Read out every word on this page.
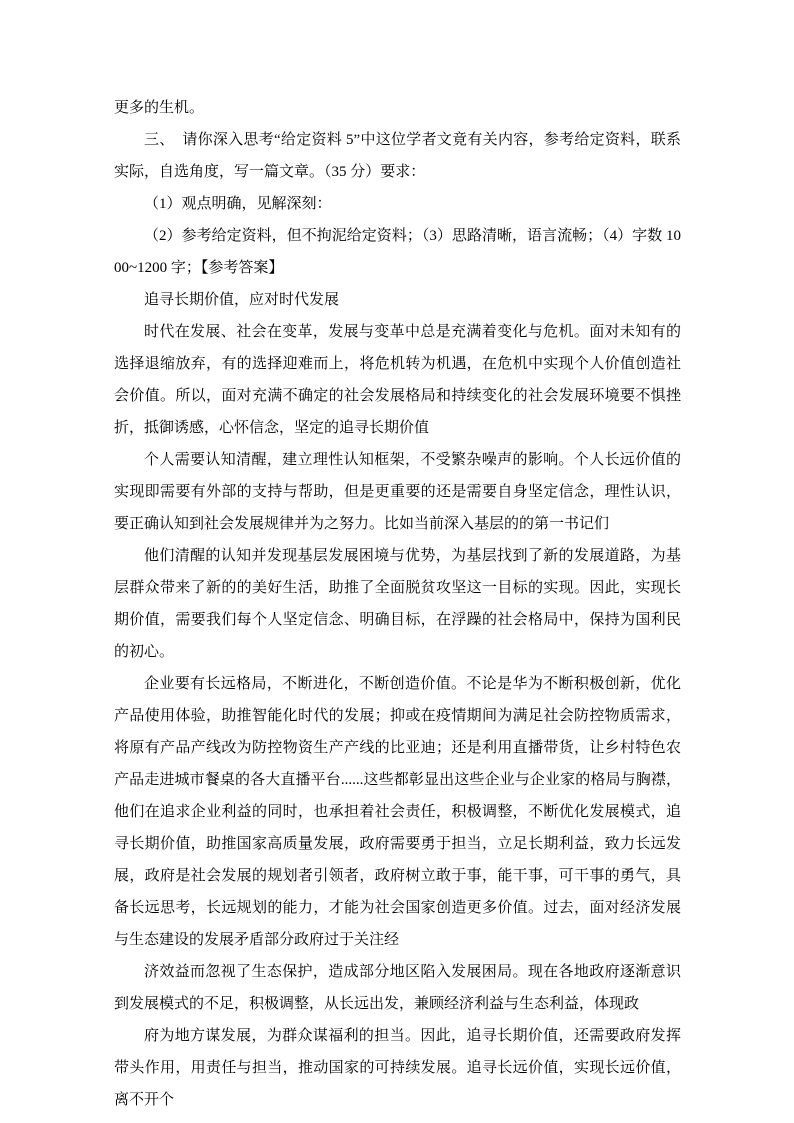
更多的生机。

三、　请你深入思考“给定资料 5”中这位学者文竟有关内容，参考给定资料，联系实际，自选角度，写一篇文章。（35 分）要求：

（1）观点明确，见解深刻：

（2）参考给定资料，但不拘泥给定资料；（3）思路清晰，语言流畅；（4）字数 1000~1200 字；【参考答案】

追寻长期价值，应对时代发展

时代在发展、社会在变革，发展与变革中总是充满着变化与危机。面对未知有的选择退缩放弃，有的选择迎难而上，将危机转为机遇，在危机中实现个人价值创造社会价值。所以，面对充满不确定的社会发展格局和持续变化的社会发展环境要不惧挫折，抵御诱感，心怀信念，坚定的追寻长期价值

个人需要认知清醒，建立理性认知框架，不受繁杂噪声的影响。个人长远价值的实现即需要有外部的支持与帮助，但是更重要的还是需要自身坚定信念，理性认识，要正确认知到社会发展规律并为之努力。比如当前深入基层的的第一书记们

他们清醒的认知并发现基层发展困境与优势，为基层找到了新的发展道路，为基层群众带来了新的的美好生活，助推了全面脱贫攻坚这一目标的实现。因此，实现长期价值，需要我们每个人坚定信念、明确目标，在浮躁的社会格局中，保持为国利民的初心。

企业要有长远格局，不断进化，不断创造价值。不论是华为不断积极创新，优化产品使用体验，助推智能化时代的发展；抑或在疫情期间为满足社会防控物质需求，将原有产品产线改为防控物资生产产线的比亚迪；还是利用直播带货，让乡村特色农产品走进城市餐桌的各大直播平台......这些都彰显出这些企业与企业家的格局与胸襟，他们在追求企业利益的同时，也承担着社会责任，积极调整，不断优化发展模式，追寻长期价值，助推国家高质量发展，政府需要勇于担当，立足长期利益，致力长远发展，政府是社会发展的规划者引领者，政府树立敢于事，能干事，可干事的勇气，具备长远思考，长远规划的能力，才能为社会国家创造更多价值。过去，面对经济发展与生态建设的发展矛盾部分政府过于关注经

济效益而忽视了生态保护，造成部分地区陷入发展困局。现在各地政府逐渐意识到发展模式的不足，积极调整，从长远出发，兼顾经济利益与生态利益，体现政

府为地方谋发展，为群众谋福利的担当。因此，追寻长期价值，还需要政府发挥带头作用，用责任与担当，推动国家的可持续发展。追寻长远价值，实现长远价值，离不开个
